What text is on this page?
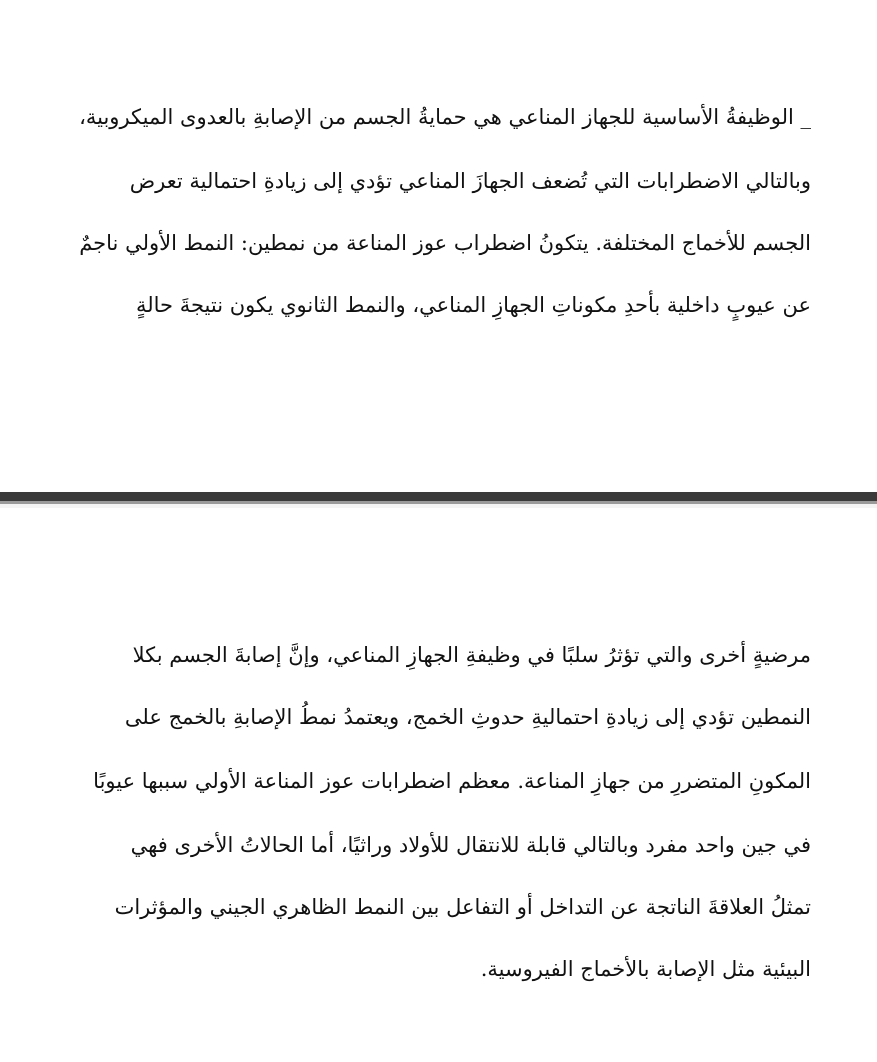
_ الوظيفةُ الأساسية للجهاز المناعي هي حمايةُ الجسم من الإصابةِ بالعدوى الميكروبية،
وبالتالي الاضطرابات التي تُضعف الجهازَ المناعي تؤدي إلى زيادةِ احتمالية تعرض
الجسم للأخماج المختلفة. يتكونُ اضطراب عوز المناعة من نمطين: النمط الأولي ناجمٌ
عن عيوبٍ داخلية بأحدِ مكوناتِ الجهازِ المناعي، والنمط الثانوي يكون نتيجةَ حالةٍ
مرضيةٍ أخرى والتي تؤثرُ سلبًا في وظيفةِ الجهازِ المناعي، وإنَّ إصابةَ الجسم بكلا
النمطين تؤدي إلى زيادةِ احتماليةِ حدوثِ الخمج، ويعتمدُ نمطُ الإصابةِ بالخمج على
المكونِ المتضررِ من جهازِ المناعة. معظم اضطرابات عوز المناعة الأولي سببها عيوبًا
في جين واحد مفرد وبالتالي قابلة للانتقال للأولاد وراثيًا، أما الحالاتُ الأخرى فهي
تمثلُ العلاقةَ الناتجة عن التداخل أو التفاعل بين النمط الظاهري الجيني والمؤثرات
البيئية مثل الإصابة بالأخماج الفيروسية.
